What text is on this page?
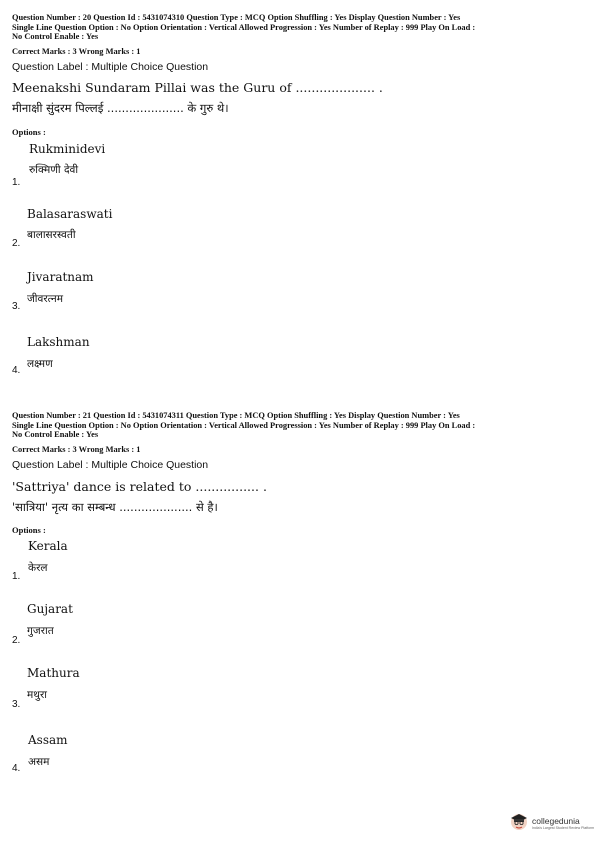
Question Number : 20 Question Id : 5431074310 Question Type : MCQ Option Shuffling : Yes Display Question Number : Yes
Single Line Question Option : No Option Orientation : Vertical Allowed Progression : Yes Number of Replay : 999 Play On Load :
No Control Enable : Yes
Correct Marks : 3 Wrong Marks : 1
Question Label : Multiple Choice Question
Meenakshi Sundaram Pillai was the Guru of .................... .
मीनाक्षी सुंदरम पिल्लई ..................... के गुरु थे।
Options :
Rukminidevi
रुक्मिणी देवी
1.
Balasaraswati
बालासरस्वती
2.
Jivaratnam
जीवरत्नम
3.
Lakshman
लक्ष्मण
4.
Question Number : 21 Question Id : 5431074311 Question Type : MCQ Option Shuffling : Yes Display Question Number : Yes
Single Line Question Option : No Option Orientation : Vertical Allowed Progression : Yes Number of Replay : 999 Play On Load :
No Control Enable : Yes
Correct Marks : 3 Wrong Marks : 1
Question Label : Multiple Choice Question
'Sattriya' dance is related to ................ .
'सात्रिया' नृत्य का सम्बन्ध .................... से है।
Options :
Kerala
केरल
1.
Gujarat
गुजरात
2.
Mathura
मथुरा
3.
Assam
असम
4.
collegedunia
India's Largest Student Review Platform
